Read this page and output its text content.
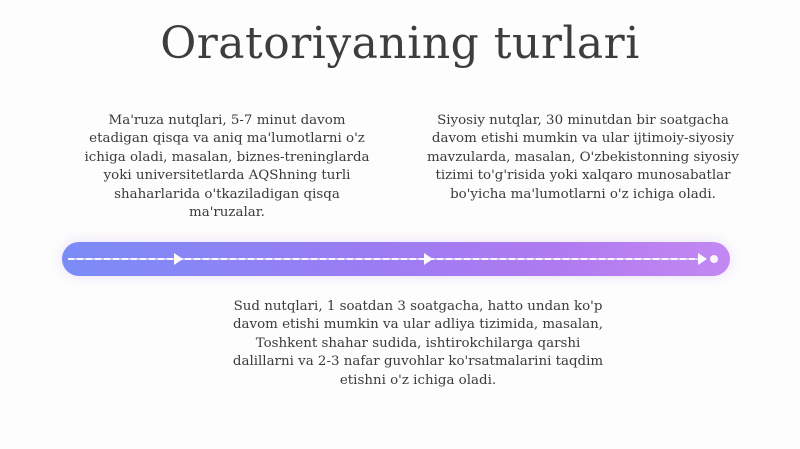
Oratoriyaning turlari

Ma'ruza nutqlari, 5-7 minut davom etadigan qisqa va aniq ma'lumotlarni o'z ichiga oladi, masalan, biznes-treninglarda yoki universitetlarda AQShning turli shaharlarida o'tkaziladigan qisqa ma'ruzalar.

Siyosiy nutqlar, 30 minutdan bir soatgacha davom etishi mumkin va ular ijtimoiy-siyosiy mavzularda, masalan, O'zbekistonning siyosiy tizimi to'g'risida yoki xalqaro munosabatlar bo'yicha ma'lumotlarni o'z ichiga oladi.

Sud nutqlari, 1 soatdan 3 soatgacha, hatto undan ko'p davom etishi mumkin va ular adliya tizimida, masalan, Toshkent shahar sudida, ishtirokchilarga qarshi dalillarni va 2-3 nafar guvohlar ko'rsatmalarini taqdim etishni o'z ichiga oladi.
